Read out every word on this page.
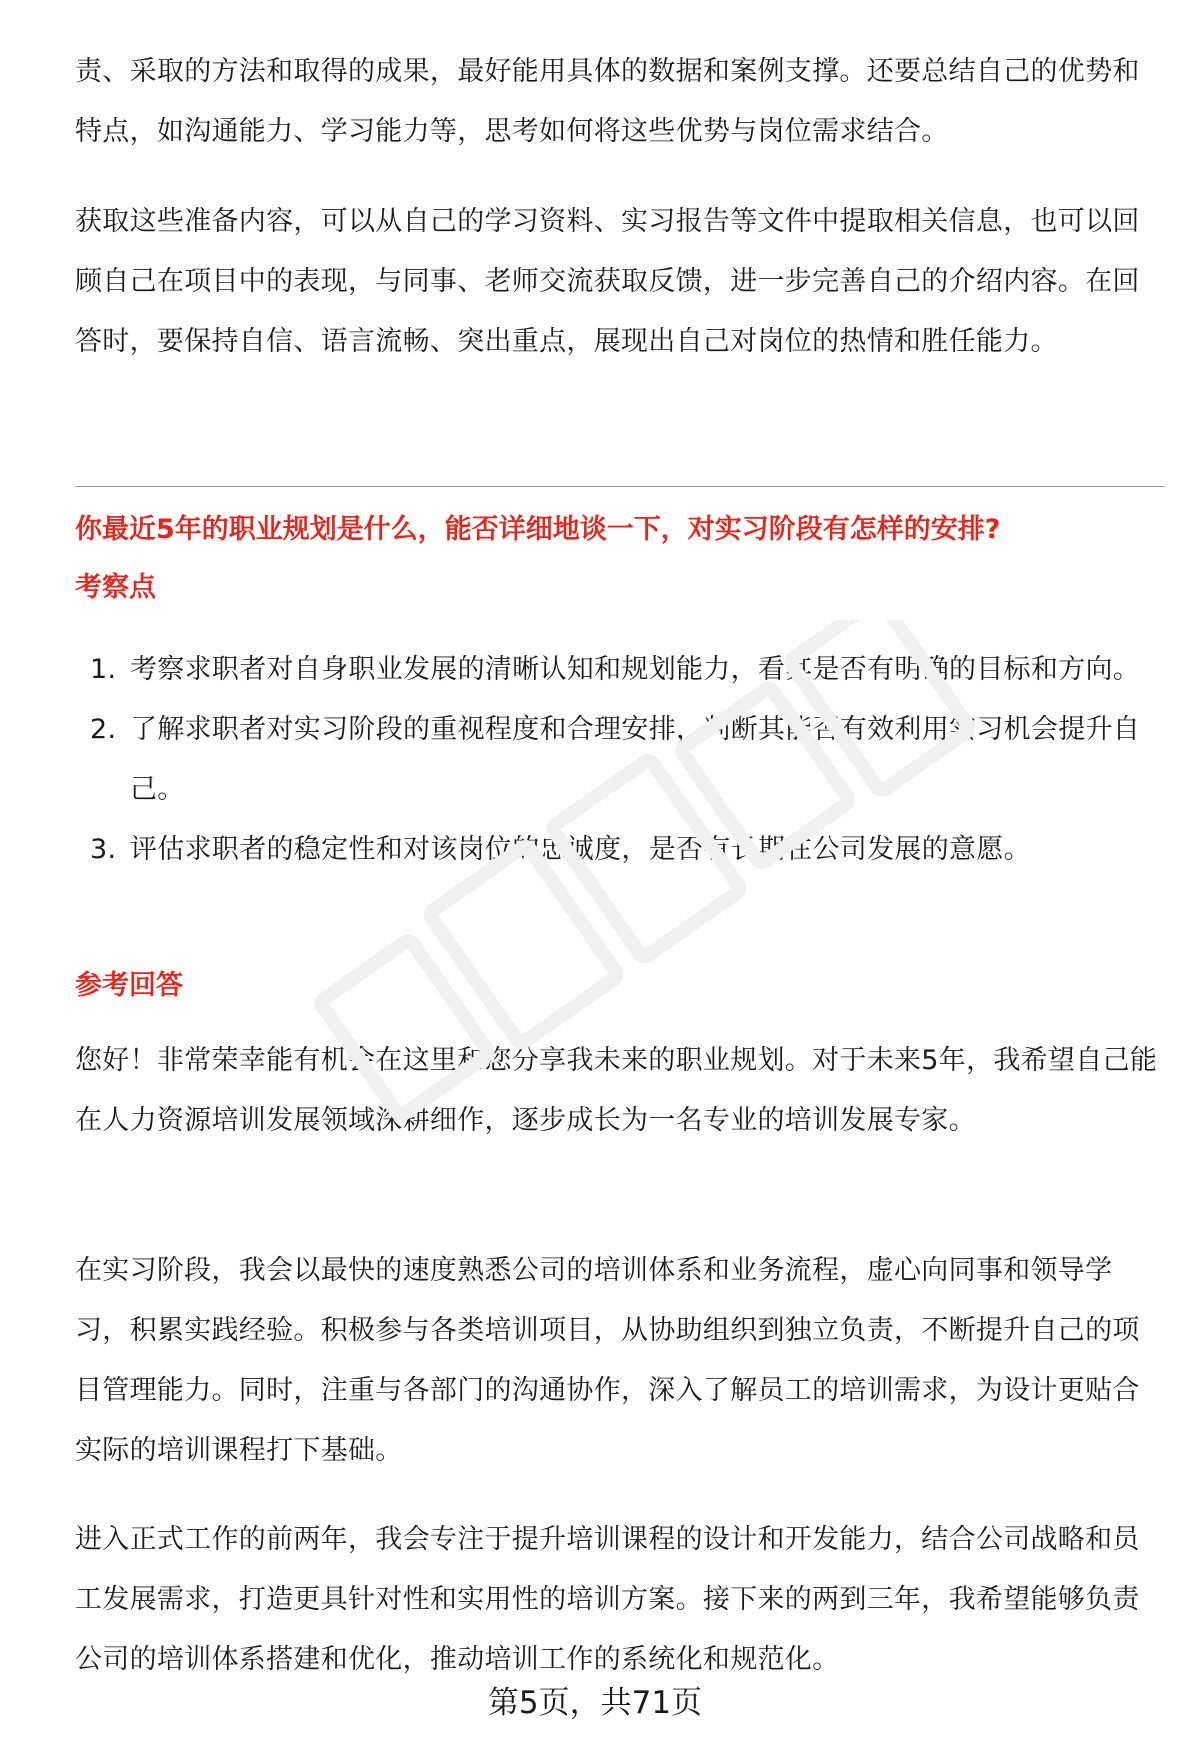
责、采取的方法和取得的成果，最好能用具体的数据和案例支撑。还要总结自己的优势和特点，如沟通能力、学习能力等，思考如何将这些优势与岗位需求结合。

获取这些准备内容，可以从自己的学习资料、实习报告等文件中提取相关信息，也可以回顾自己在项目中的表现，与同事、老师交流获取反馈，进一步完善自己的介绍内容。在回答时，要保持自信、语言流畅、突出重点，展现出自己对岗位的热情和胜任能力。

你最近5年的职业规划是什么，能否详细地谈一下，对实习阶段有怎样的安排?

考察点

1. 考察求职者对自身职业发展的清晰认知和规划能力，看其是否有明确的目标和方向。
2. 了解求职者对实习阶段的重视程度和合理安排，判断其能否有效利用实习机会提升自己。
3. 评估求职者的稳定性和对该岗位的忠诚度，是否有长期在公司发展的意愿。

参考回答

您好！非常荣幸能有机会在这里和您分享我未来的职业规划。对于未来5年，我希望自己能在人力资源培训发展领域深耕细作，逐步成长为一名专业的培训发展专家。

在实习阶段，我会以最快的速度熟悉公司的培训体系和业务流程，虚心向同事和领导学习，积累实践经验。积极参与各类培训项目，从协助组织到独立负责，不断提升自己的项目管理能力。同时，注重与各部门的沟通协作，深入了解员工的培训需求，为设计更贴合实际的培训课程打下基础。

进入正式工作的前两年，我会专注于提升培训课程的设计和开发能力，结合公司战略和员工发展需求，打造更具针对性和实用性的培训方案。接下来的两到三年，我希望能够负责公司的培训体系搭建和优化，推动培训工作的系统化和规范化。

第5页，共71页
